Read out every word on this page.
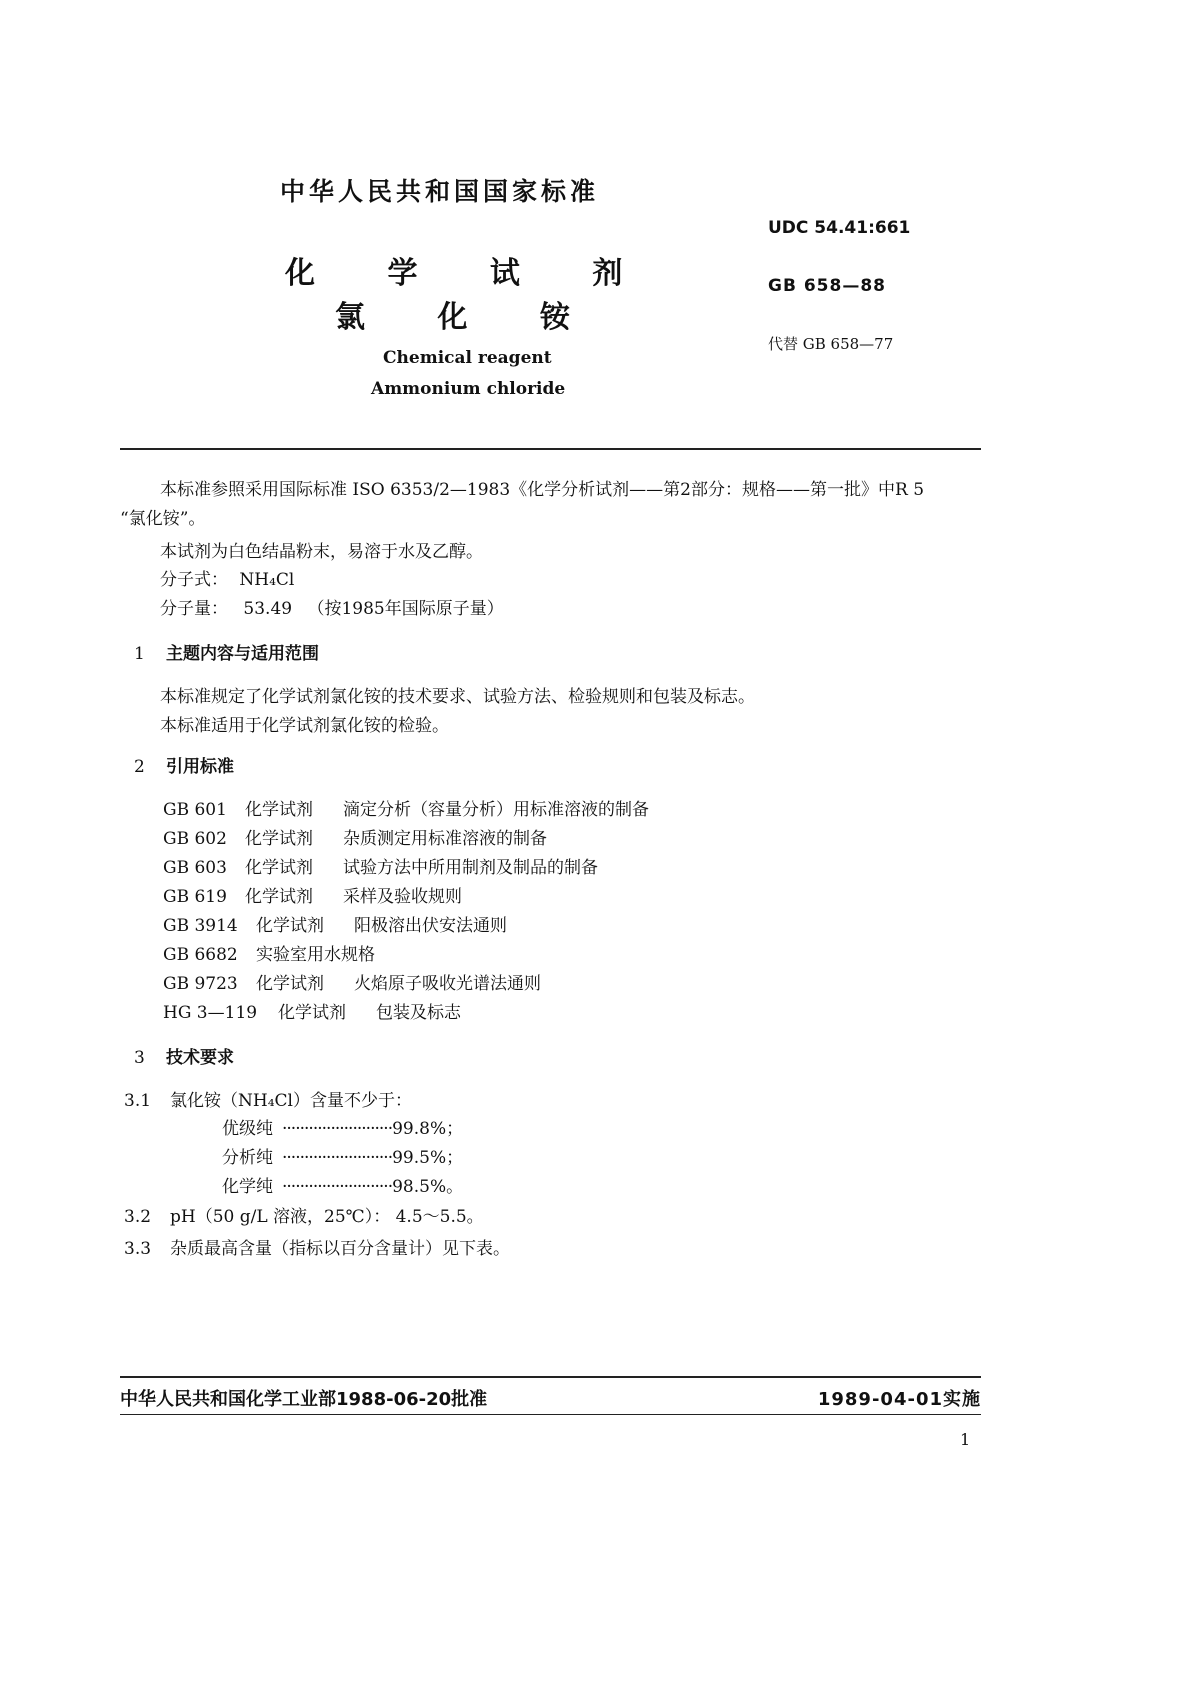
中华人民共和国国家标准
化 学 试 剂
氯 化 铵
Chemical reagent
Ammonium chloride
UDC 54.41:661
GB 658—88
代替 GB 658—77
本标准参照采用国际标准 ISO 6353/2—1983《化学分析试剂——第2部分：规格——第一批》中R 5
“氯化铵”。
本试剂为白色结晶粉末，易溶于水及乙醇。
分子式： NH₄Cl
分子量： 53.49 （按1985年国际原子量）
1 主题内容与适用范围
本标准规定了化学试剂氯化铵的技术要求、试验方法、检验规则和包装及标志。
本标准适用于化学试剂氯化铵的检验。
2 引用标准
GB 601 化学试剂 滴定分析（容量分析）用标准溶液的制备
GB 602 化学试剂 杂质测定用标准溶液的制备
GB 603 化学试剂 试验方法中所用制剂及制品的制备
GB 619 化学试剂 采样及验收规则
GB 3914 化学试剂 阳极溶出伏安法通则
GB 6682 实验室用水规格
GB 9723 化学试剂 火焰原子吸收光谱法通则
HG 3—119 化学试剂 包装及标志
3 技术要求
3.1 氯化铵（NH₄Cl）含量不少于：
优级纯 ·························99.8%；
分析纯 ·························99.5%；
化学纯 ·························98.5%。
3.2 pH（50 g/L 溶液，25℃）： 4.5～5.5。
3.3 杂质最高含量（指标以百分含量计）见下表。
中华人民共和国化学工业部1988-06-20批准	1989-04-01实施
1
